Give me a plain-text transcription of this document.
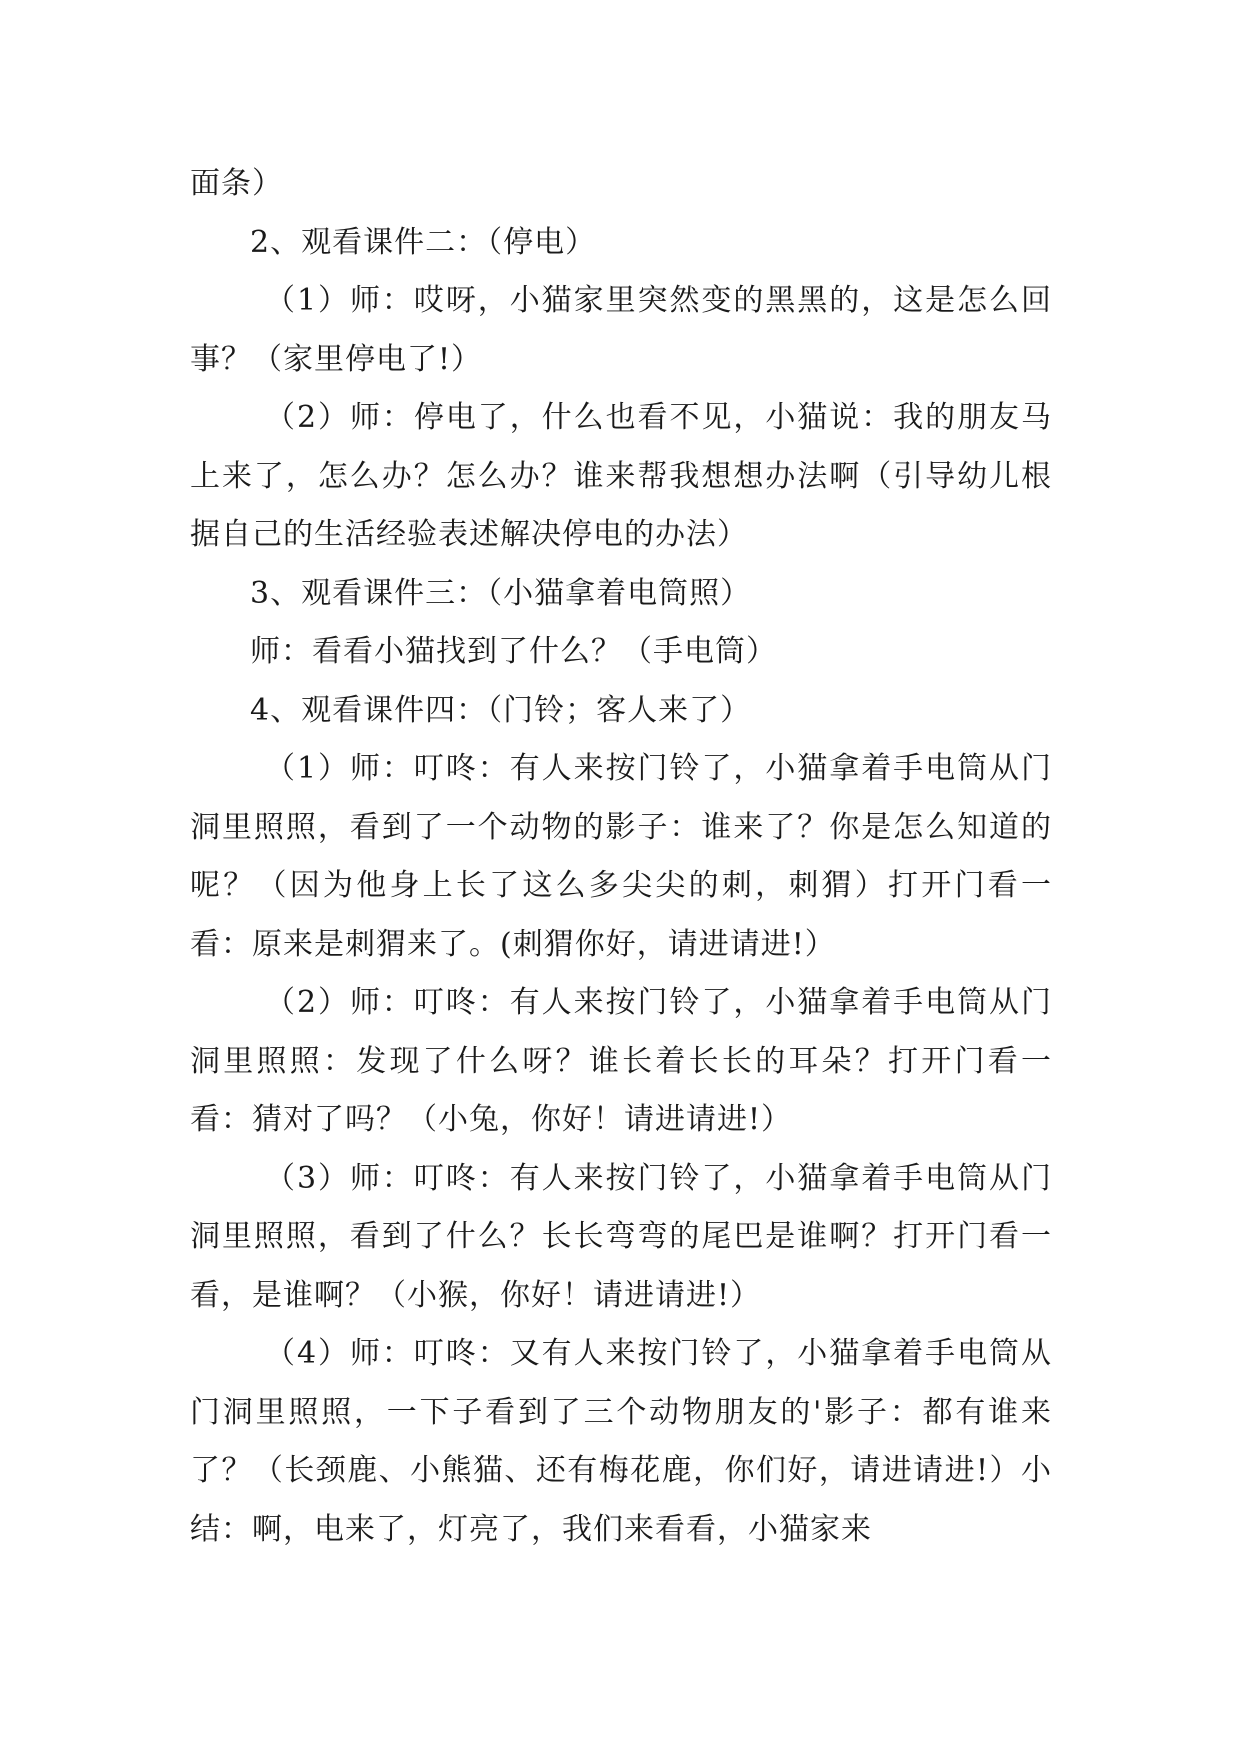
面条）

2、观看课件二：（停电）

（1）师：哎呀，小猫家里突然变的黑黑的，这是怎么回事？（家里停电了!）

（2）师：停电了，什么也看不见，小猫说：我的朋友马上来了，怎么办？怎么办？谁来帮我想想办法啊（引导幼儿根据自己的生活经验表述解决停电的办法）

3、观看课件三：（小猫拿着电筒照）

师：看看小猫找到了什么？（手电筒）

4、观看课件四：（门铃；客人来了）

（1）师：叮咚：有人来按门铃了，小猫拿着手电筒从门洞里照照，看到了一个动物的影子：谁来了？你是怎么知道的呢？（因为他身上长了这么多尖尖的刺，刺猬）打开门看一看：原来是刺猬来了。(刺猬你好，请进请进!）

（2）师：叮咚：有人来按门铃了，小猫拿着手电筒从门洞里照照：发现了什么呀？谁长着长长的耳朵？打开门看一看：猜对了吗？（小兔，你好！请进请进!）

（3）师：叮咚：有人来按门铃了，小猫拿着手电筒从门洞里照照，看到了什么？长长弯弯的尾巴是谁啊？打开门看一看，是谁啊？（小猴，你好！请进请进!）

（4）师：叮咚：又有人来按门铃了，小猫拿着手电筒从门洞里照照，一下子看到了三个动物朋友的'影子：都有谁来了？（长颈鹿、小熊猫、还有梅花鹿，你们好，请进请进!）小结：啊，电来了，灯亮了，我们来看看，小猫家来
